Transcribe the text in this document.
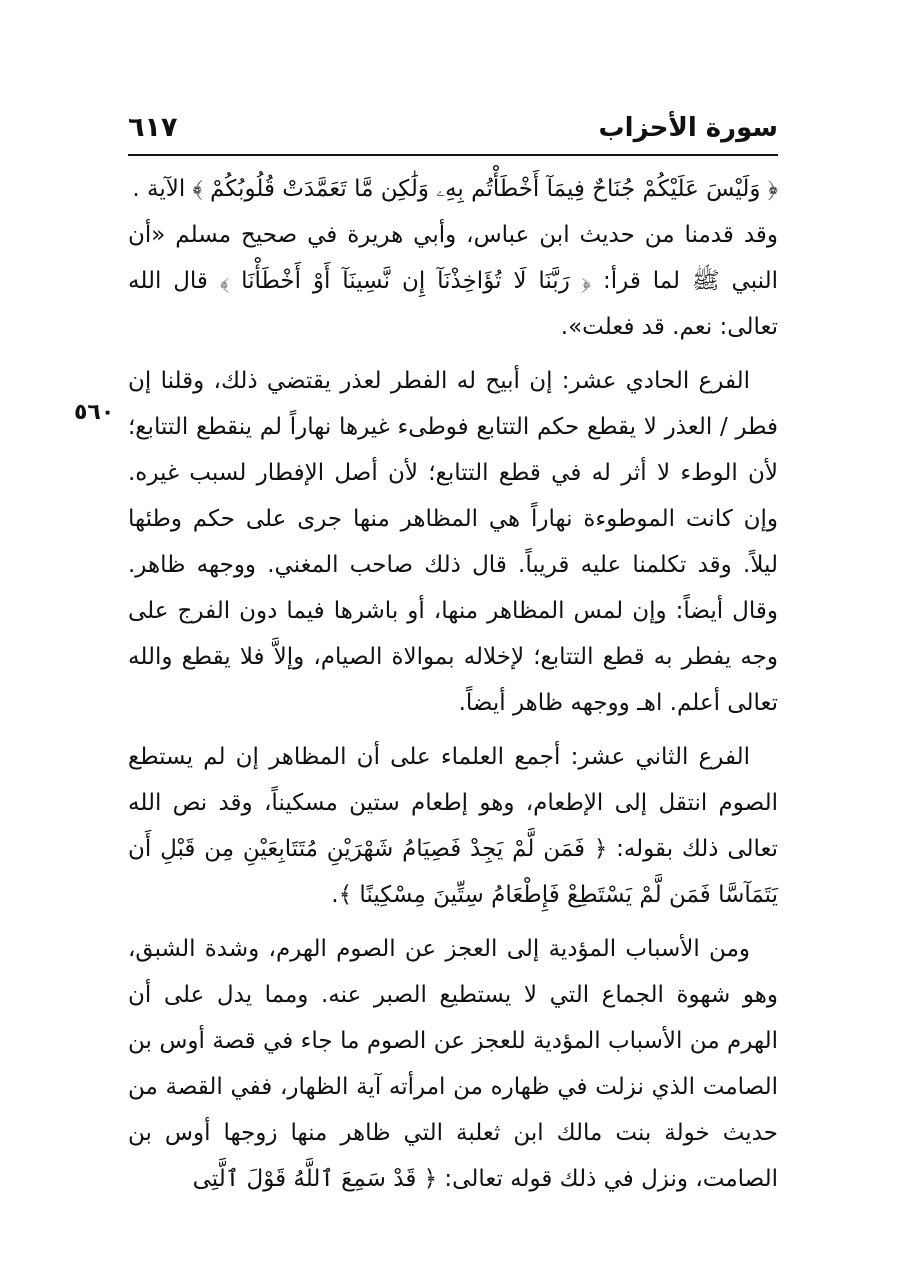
سورة الأحزاب
٦١٧
٥٦٠

﴿ وَلَيْسَ عَلَيْكُمْ جُنَاحٌ فِيمَآ أَخْطَأْتُم بِهِۦ وَلَٰكِن مَّا تَعَمَّدَتْ قُلُوبُكُمْ ﴾ الآية .

وقد قدمنا من حديث ابن عباس، وأبي هريرة في صحيح مسلم «أن النبي ﷺ لما قرأ: ﴿ رَبَّنَا لَا تُؤَاخِذْنَآ إِن نَّسِينَآ أَوْ أَخْطَأْنَا ﴾ قال الله تعالى: نعم. قد فعلت».

الفرع الحادي عشر: إن أبيح له الفطر لعذر يقتضي ذلك، وقلنا إن فطر / العذر لا يقطع حكم التتابع فوطىء غيرها نهاراً لم ينقطع التتابع؛ لأن الوطء لا أثر له في قطع التتابع؛ لأن أصل الإفطار لسبب غيره. وإن كانت الموطوءة نهاراً هي المظاهر منها جرى على حكم وطئها ليلاً. وقد تكلمنا عليه قريباً. قال ذلك صاحب المغني. ووجهه ظاهر. وقال أيضاً: وإن لمس المظاهر منها، أو باشرها فيما دون الفرج على وجه يفطر به قطع التتابع؛ لإخلاله بموالاة الصيام، وإلاَّ فلا يقطع والله تعالى أعلم. اهـ ووجهه ظاهر أيضاً.

الفرع الثاني عشر: أجمع العلماء على أن المظاهر إن لم يستطع الصوم انتقل إلى الإطعام، وهو إطعام ستين مسكيناً، وقد نص الله تعالى ذلك بقوله: ﴿ فَمَن لَّمْ يَجِدْ فَصِيَامُ شَهْرَيْنِ مُتَتَابِعَيْنِ مِن قَبْلِ أَن يَتَمَآسَّا فَمَن لَّمْ يَسْتَطِعْ فَإِطْعَامُ سِتِّينَ مِسْكِينًا ﴾.

ومن الأسباب المؤدية إلى العجز عن الصوم الهرم، وشدة الشبق، وهو شهوة الجماع التي لا يستطيع الصبر عنه. ومما يدل على أن الهرم من الأسباب المؤدية للعجز عن الصوم ما جاء في قصة أوس بن الصامت الذي نزلت في ظهاره من امرأته آية الظهار، ففي القصة من حديث خولة بنت مالك ابن ثعلبة التي ظاهر منها زوجها أوس بن الصامت، ونزل في ذلك قوله تعالى: ﴿ قَدْ سَمِعَ ٱللَّهُ قَوْلَ ٱلَّتِى
